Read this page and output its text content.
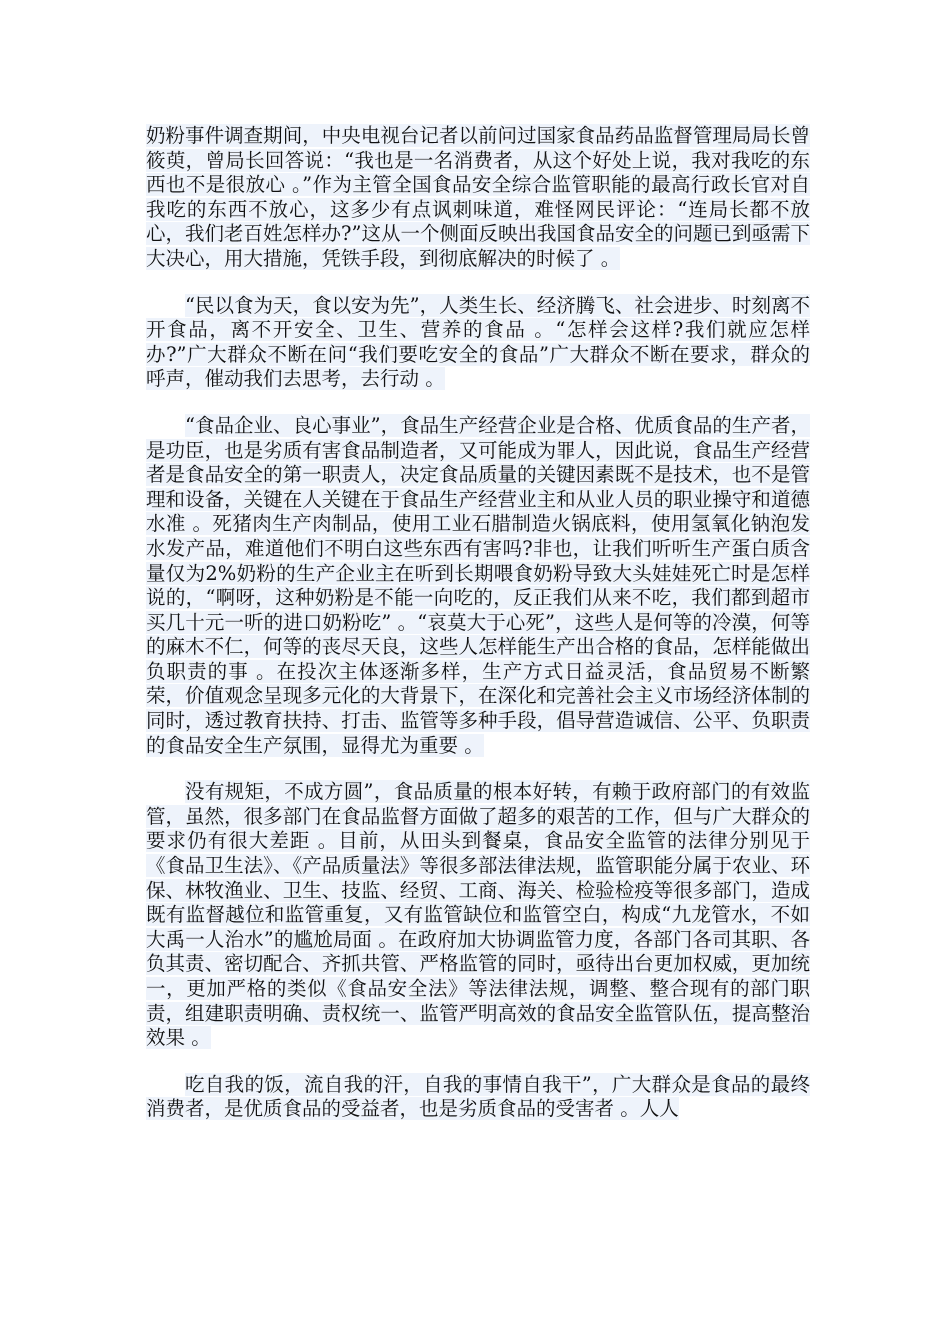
奶粉事件调查期间，中央电视台记者以前问过国家食品药品监督管理局局长曾筱萸，曾局长回答说：“我也是一名消费者，从这个好处上说，我对我吃的东西也不是很放心 。”作为主管全国食品安全综合监管职能的最高行政长官对自我吃的东西不放心，这多少有点讽刺味道，难怪网民评论：“连局长都不放心，我们老百姓怎样办?”这从一个侧面反映出我国食品安全的问题已到亟需下大决心，用大措施，凭铁手段，到彻底解决的时候了 。

“民以食为天，食以安为先”，人类生长、经济腾飞、社会进步、时刻离不开食品，离不开安全、卫生、营养的食品 。“怎样会这样?我们就应怎样办?”广大群众不断在问“我们要吃安全的食品”广大群众不断在要求，群众的呼声，催动我们去思考，去行动 。

“食品企业、良心事业”，食品生产经营企业是合格、优质食品的生产者，是功臣，也是劣质有害食品制造者，又可能成为罪人，因此说，食品生产经营者是食品安全的第一职责人，决定食品质量的关键因素既不是技术，也不是管理和设备，关键在人关键在于食品生产经营业主和从业人员的职业操守和道德水准 。死猪肉生产肉制品，使用工业石腊制造火锅底料，使用氢氧化钠泡发水发产品，难道他们不明白这些东西有害吗?非也，让我们听听生产蛋白质含量仅为2%奶粉的生产企业主在听到长期喂食奶粉导致大头娃娃死亡时是怎样说的，“啊呀，这种奶粉是不能一向吃的，反正我们从来不吃，我们都到超市买几十元一听的进口奶粉吃” 。“哀莫大于心死”，这些人是何等的冷漠，何等的麻木不仁，何等的丧尽天良，这些人怎样能生产出合格的食品，怎样能做出负职责的事 。在投次主体逐渐多样，生产方式日益灵活，食品贸易不断繁荣，价值观念呈现多元化的大背景下，在深化和完善社会主义市场经济体制的同时，透过教育扶持、打击、监管等多种手段，倡导营造诚信、公平、负职责的食品安全生产氛围，显得尤为重要 。

没有规矩，不成方圆”，食品质量的根本好转，有赖于政府部门的有效监管，虽然，很多部门在食品监督方面做了超多的艰苦的工作，但与广大群众的要求仍有很大差距 。目前，从田头到餐桌，食品安全监管的法律分别见于《食品卫生法》、《产品质量法》等很多部法律法规，监管职能分属于农业、环保、林牧渔业、卫生、技监、经贸、工商、海关、检验检疫等很多部门，造成既有监督越位和监管重复，又有监管缺位和监管空白，构成“九龙管水，不如大禹一人治水”的尴尬局面 。在政府加大协调监管力度，各部门各司其职、各负其责、密切配合、齐抓共管、严格监管的同时，亟待出台更加权威，更加统一，更加严格的类似《食品安全法》等法律法规，调整、整合现有的部门职责，组建职责明确、责权统一、监管严明高效的食品安全监管队伍，提高整治效果 。

吃自我的饭，流自我的汗，自我的事情自我干”，广大群众是食品的最终消费者，是优质食品的受益者，也是劣质食品的受害者 。人人
